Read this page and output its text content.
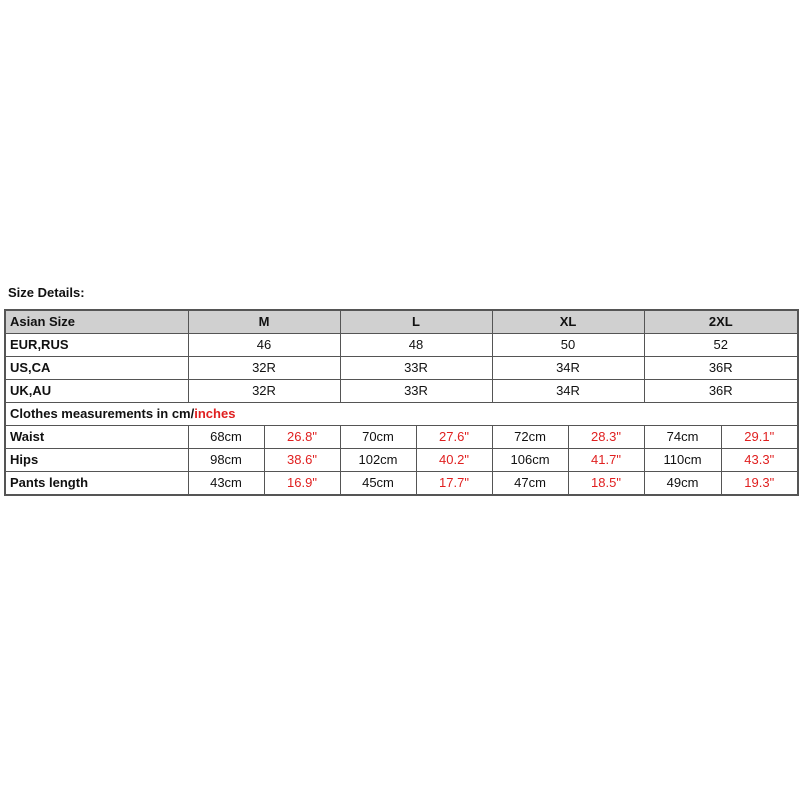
Size Details:
Asian Size	M		L		XL		2XL	
EUR,RUS	46		48		50		52	
US,CA	32R		33R		34R		36R	
UK,AU	32R		33R		34R		36R	
Clothes measurements in cm/inches								
Waist	68cm	26.8"	70cm	27.6"	72cm	28.3"	74cm	29.1"
Hips	98cm	38.6"	102cm	40.2"	106cm	41.7"	110cm	43.3"
Pants length	43cm	16.9"	45cm	17.7"	47cm	18.5"	49cm	19.3"
